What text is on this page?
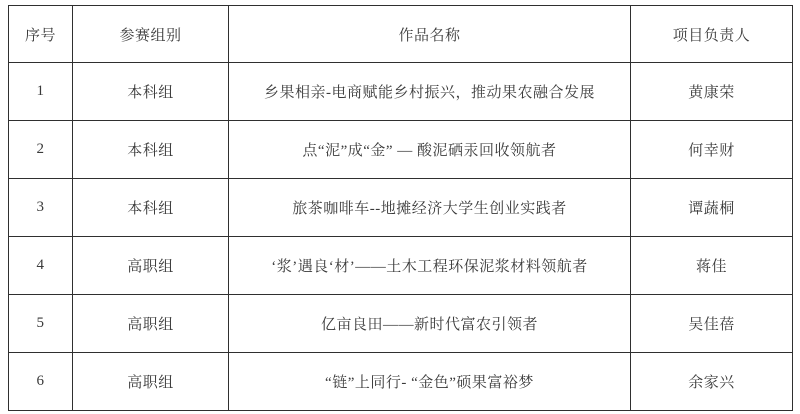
序号	参赛组别	作品名称	项目负责人
1	本科组	乡果相亲-电商赋能乡村振兴，推动果农融合发展	黄康荣
2	本科组	点“泥”成“金” — 酸泥硒汞回收领航者	何幸财
3	本科组	旅茶咖啡车--地摊经济大学生创业实践者	谭蔬桐
4	高职组	‘浆’遇良‘材’——土木工程环保泥浆材料领航者	蒋佳
5	高职组	亿亩良田——新时代富农引领者	吴佳蓓
6	高职组	“链”上同行- “金色”硕果富裕梦	余家兴
